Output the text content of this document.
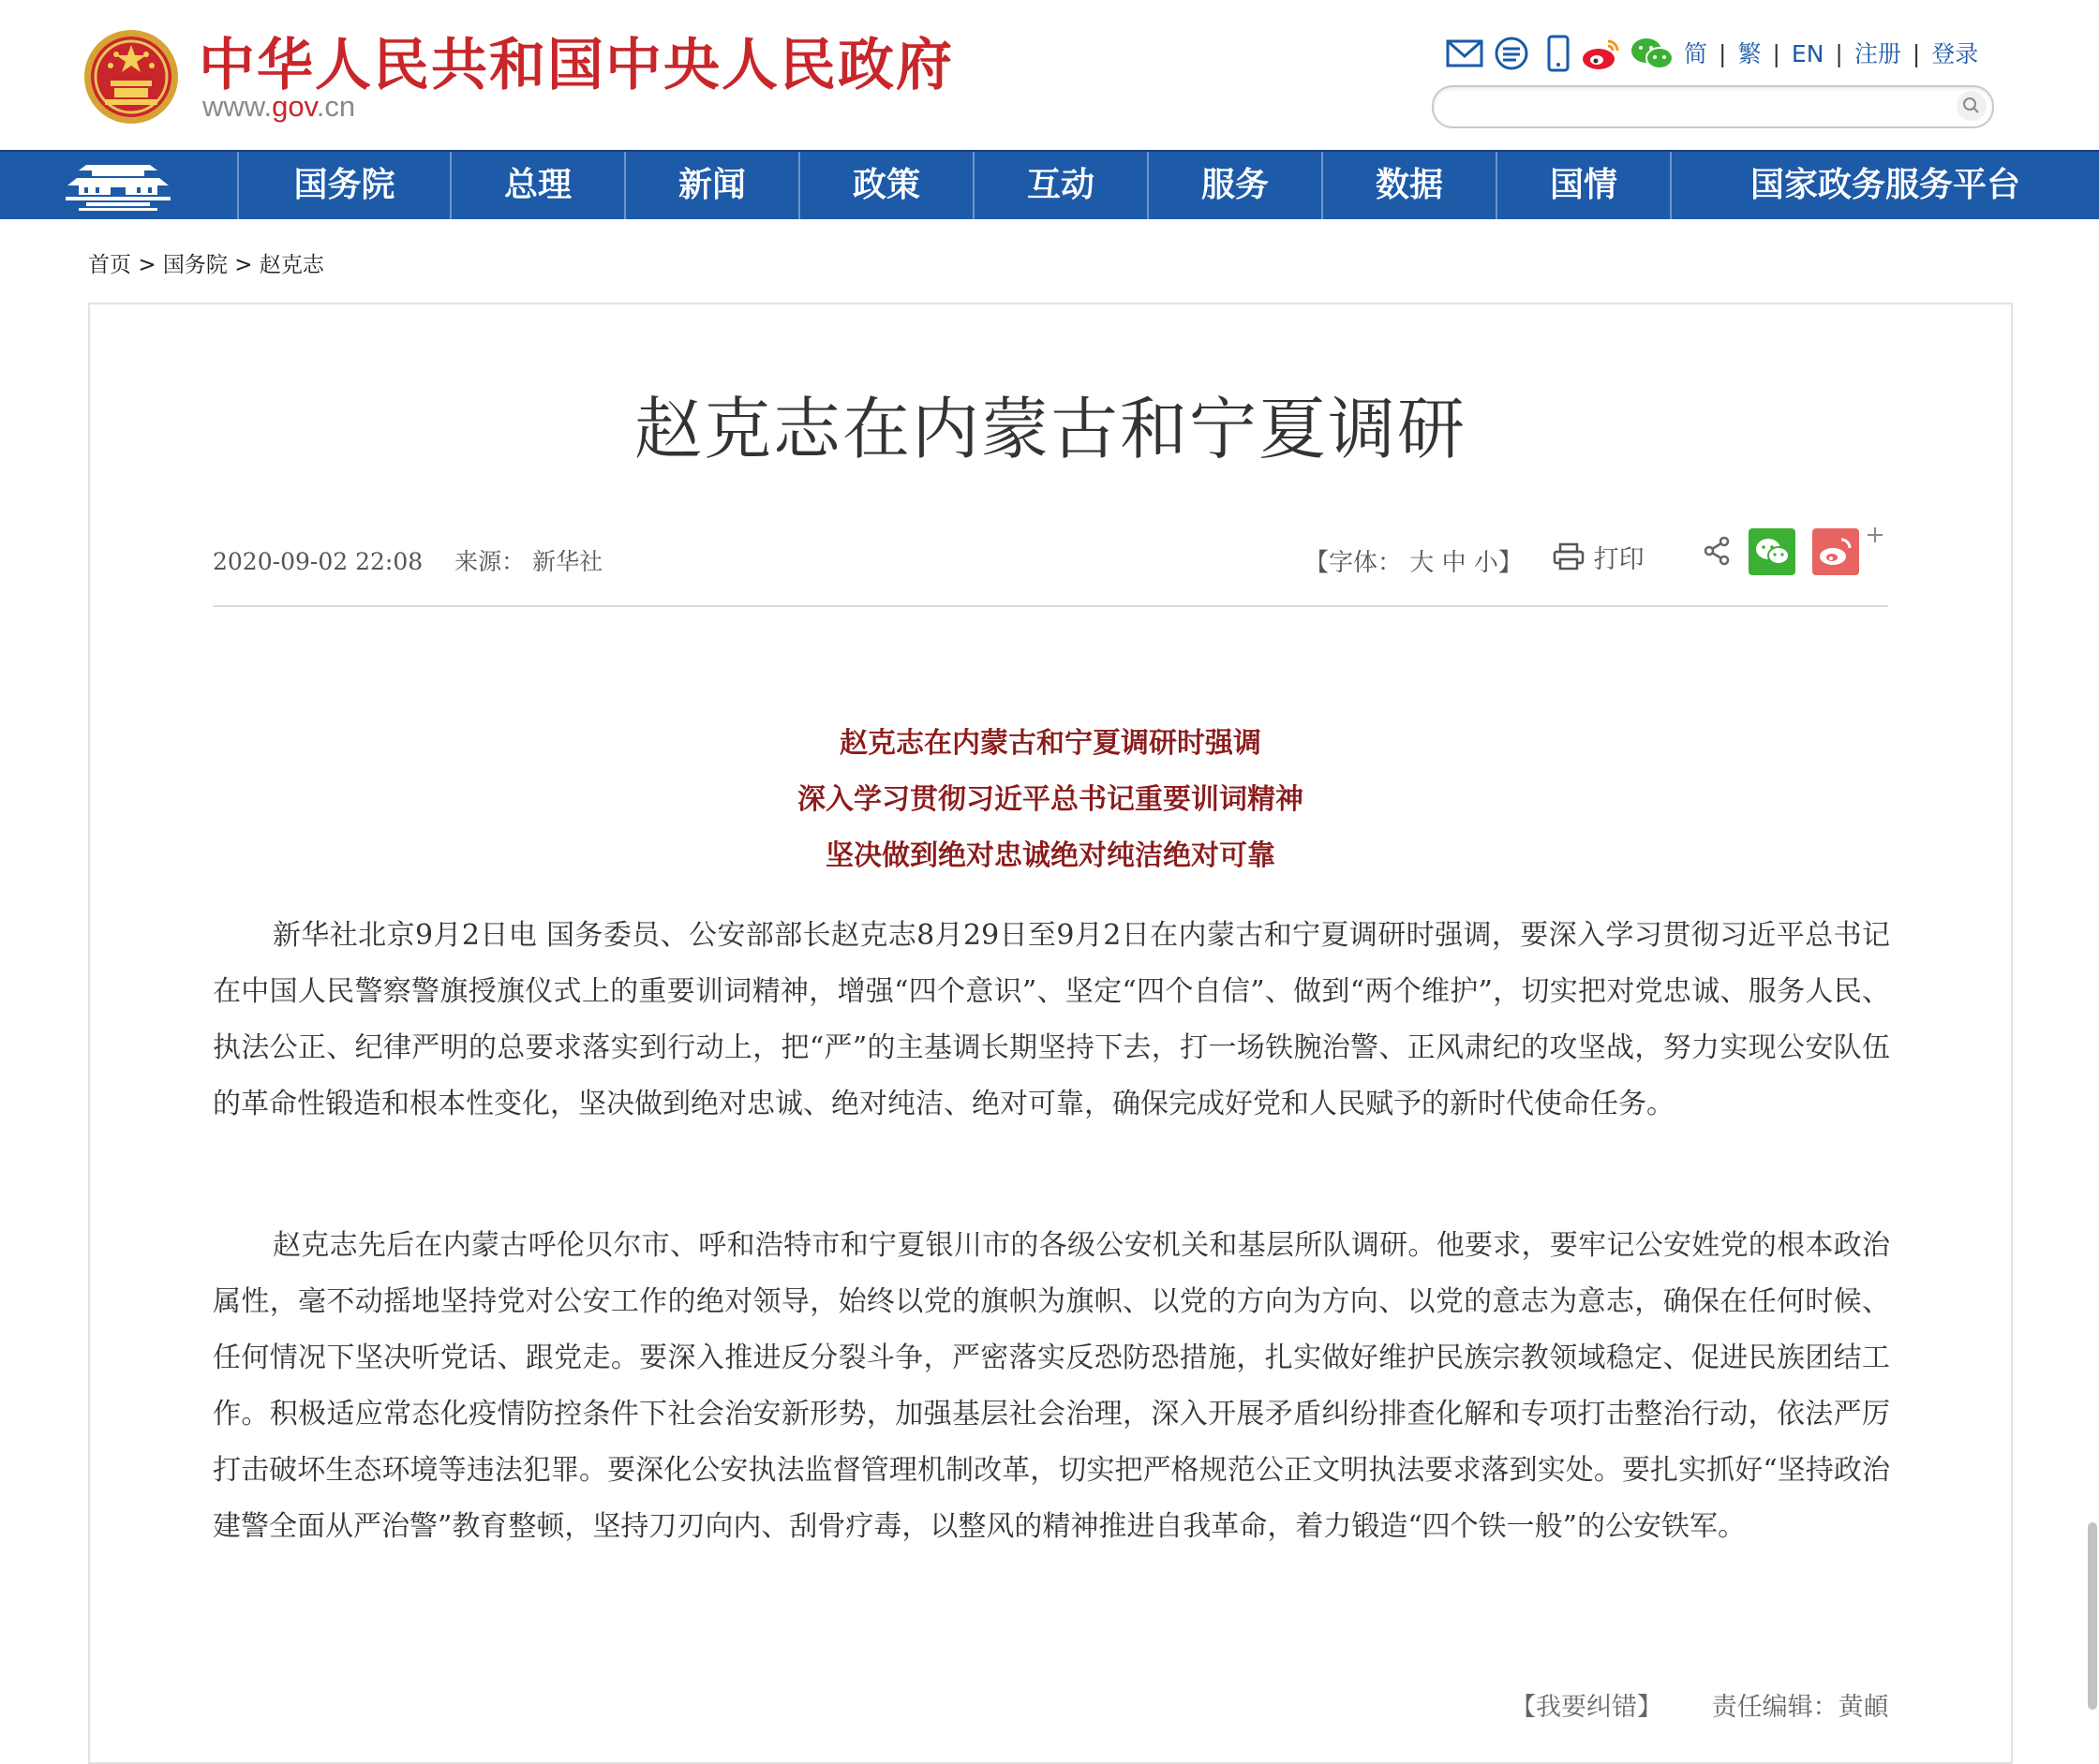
中华人民共和国中央人民政府
www.gov.cn
简 | 繁 | EN | 注册 | 登录
国务院	总理	新闻	政策	互动	服务	数据	国情	国家政务服务平台
首页 > 国务院 > 赵克志
赵克志在内蒙古和宁夏调研
2020-09-02 22:08 来源： 新华社	【字体： 大 中 小】	打印
赵克志在内蒙古和宁夏调研时强调
深入学习贯彻习近平总书记重要训词精神
坚决做到绝对忠诚绝对纯洁绝对可靠

新华社北京9月2日电 国务委员、公安部部长赵克志8月29日至9月2日在内蒙古和宁夏调研时强调，要深入学习贯彻习近平总书记在中国人民警察警旗授旗仪式上的重要训词精神，增强“四个意识”、坚定“四个自信”、做到“两个维护”，切实把对党忠诚、服务人民、执法公正、纪律严明的总要求落实到行动上，把“严”的主基调长期坚持下去，打一场铁腕治警、正风肃纪的攻坚战，努力实现公安队伍的革命性锻造和根本性变化，坚决做到绝对忠诚、绝对纯洁、绝对可靠，确保完成好党和人民赋予的新时代使命任务。

赵克志先后在内蒙古呼伦贝尔市、呼和浩特市和宁夏银川市的各级公安机关和基层所队调研。他要求，要牢记公安姓党的根本政治属性，毫不动摇地坚持党对公安工作的绝对领导，始终以党的旗帜为旗帜、以党的方向为方向、以党的意志为意志，确保在任何时候、任何情况下坚决听党话、跟党走。要深入推进反分裂斗争，严密落实反恐防恐措施，扎实做好维护民族宗教领域稳定、促进民族团结工作。积极适应常态化疫情防控条件下社会治安新形势，加强基层社会治理，深入开展矛盾纠纷排查化解和专项打击整治行动，依法严厉打击破坏生态环境等违法犯罪。要深化公安执法监督管理机制改革，切实把严格规范公正文明执法要求落到实处。要扎实抓好“坚持政治建警全面从严治警”教育整顿，坚持刀刃向内、刮骨疗毒，以整风的精神推进自我革命，着力锻造“四个铁一般”的公安铁军。

【我要纠错】 责任编辑：黄頔
